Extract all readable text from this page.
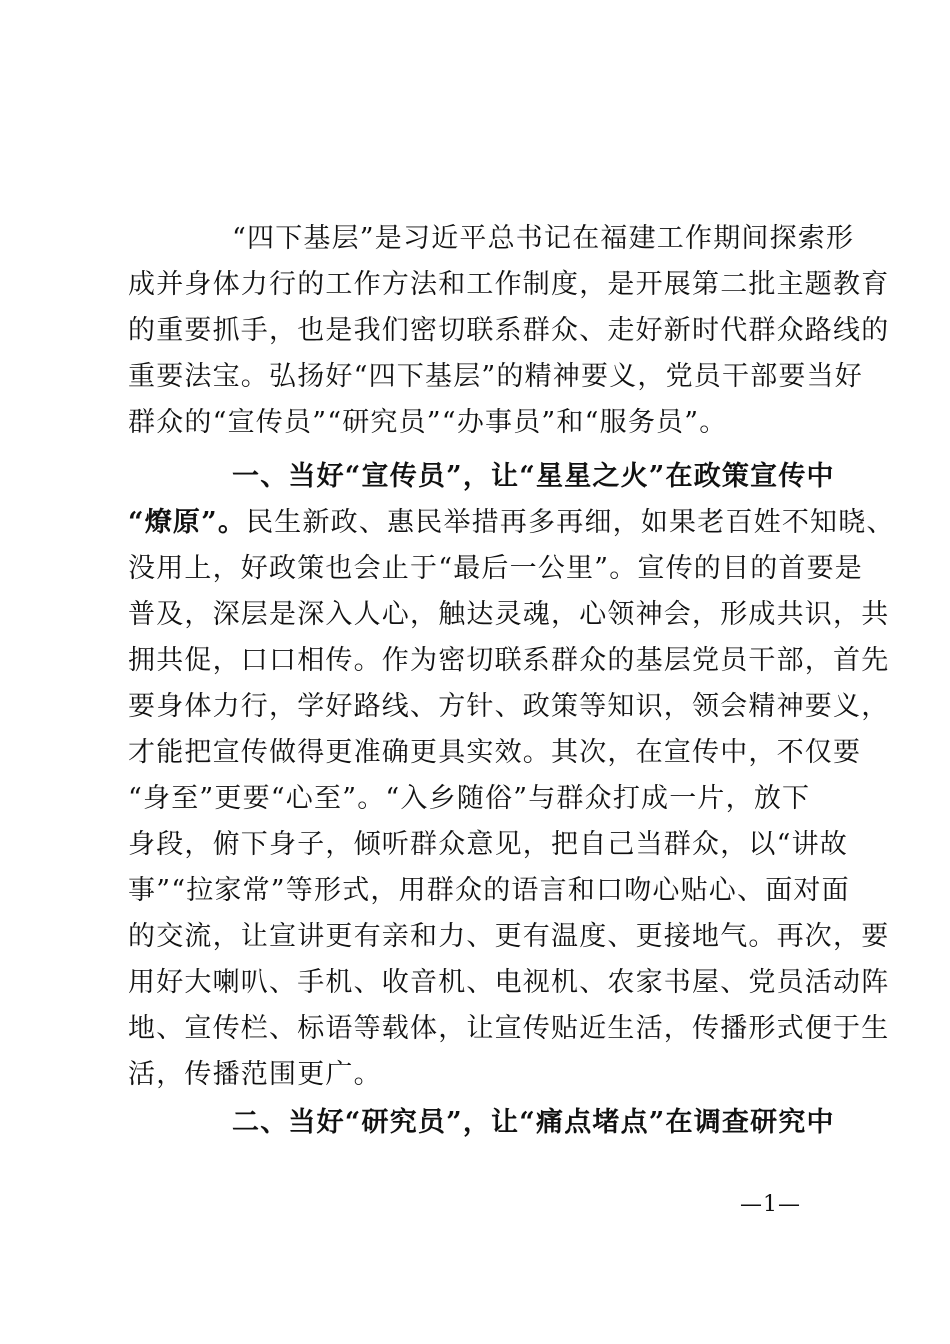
“四下基层”是习近平总书记在福建工作期间探索形
成并身体力行的工作方法和工作制度，是开展第二批主题教育
的重要抓手，也是我们密切联系群众、走好新时代群众路线的
重要法宝。弘扬好“四下基层”的精神要义，党员干部要当好
群众的“宣传员”“研究员”“办事员”和“服务员”。
一、当好“宣传员”，让“星星之火”在政策宣传中
“燎原”。民生新政、惠民举措再多再细，如果老百姓不知晓、
没用上，好政策也会止于“最后一公里”。宣传的目的首要是
普及，深层是深入人心，触达灵魂，心领神会，形成共识，共
拥共促，口口相传。作为密切联系群众的基层党员干部，首先
要身体力行，学好路线、方针、政策等知识，领会精神要义，
才能把宣传做得更准确更具实效。其次，在宣传中，不仅要
“身至”更要“心至”。“入乡随俗”与群众打成一片，放下
身段，俯下身子，倾听群众意见，把自己当群众，以“讲故
事”“拉家常”等形式，用群众的语言和口吻心贴心、面对面
的交流，让宣讲更有亲和力、更有温度、更接地气。再次，要
用好大喇叭、手机、收音机、电视机、农家书屋、党员活动阵
地、宣传栏、标语等载体，让宣传贴近生活，传播形式便于生
活，传播范围更广。
二、当好“研究员”，让“痛点堵点”在调查研究中
—1—
